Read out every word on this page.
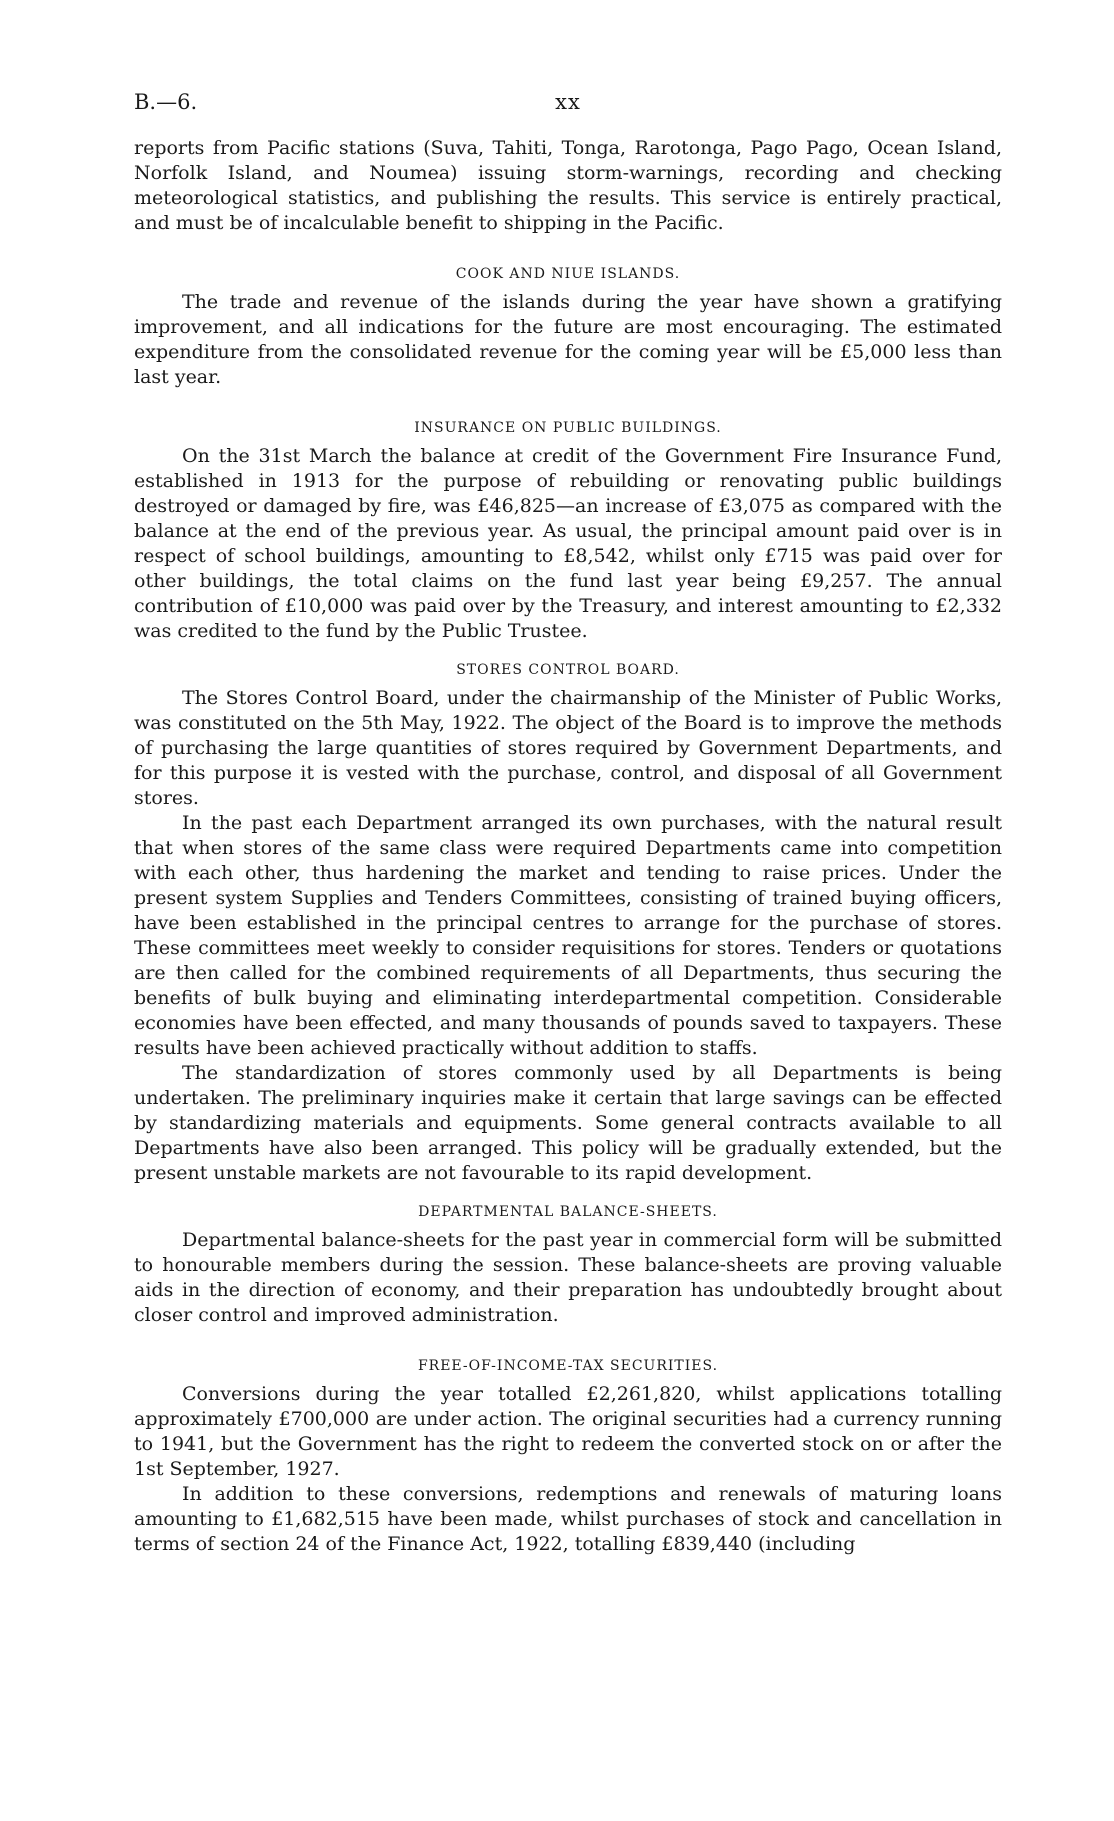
B.—6.	xx

reports from Pacific stations (Suva, Tahiti, Tonga, Rarotonga, Pago Pago, Ocean Island, Norfolk Island, and Noumea) issuing storm-warnings, recording and checking meteorological statistics, and publishing the results. This service is entirely practical, and must be of incalculable benefit to shipping in the Pacific.

COOK AND NIUE ISLANDS.

The trade and revenue of the islands during the year have shown a gratifying improvement, and all indications for the future are most encouraging. The estimated expenditure from the consolidated revenue for the coming year will be £5,000 less than last year.

INSURANCE ON PUBLIC BUILDINGS.

On the 31st March the balance at credit of the Government Fire Insurance Fund, established in 1913 for the purpose of rebuilding or renovating public buildings destroyed or damaged by fire, was £46,825—an increase of £3,075 as compared with the balance at the end of the previous year. As usual, the principal amount paid over is in respect of school buildings, amounting to £8,542, whilst only £715 was paid over for other buildings, the total claims on the fund last year being £9,257. The annual contribution of £10,000 was paid over by the Treasury, and interest amounting to £2,332 was credited to the fund by the Public Trustee.

STORES CONTROL BOARD.

The Stores Control Board, under the chairmanship of the Minister of Public Works, was constituted on the 5th May, 1922. The object of the Board is to improve the methods of purchasing the large quantities of stores required by Government Departments, and for this purpose it is vested with the purchase, control, and disposal of all Government stores.

In the past each Department arranged its own purchases, with the natural result that when stores of the same class were required Departments came into competition with each other, thus hardening the market and tending to raise prices. Under the present system Supplies and Tenders Committees, consisting of trained buying officers, have been established in the principal centres to arrange for the purchase of stores. These committees meet weekly to consider requisitions for stores. Tenders or quotations are then called for the combined requirements of all Departments, thus securing the benefits of bulk buying and eliminating interdepartmental competition. Considerable economies have been effected, and many thousands of pounds saved to taxpayers. These results have been achieved practically without addition to staffs.

The standardization of stores commonly used by all Departments is being undertaken. The preliminary inquiries make it certain that large savings can be effected by standardizing materials and equipments. Some general contracts available to all Departments have also been arranged. This policy will be gradually extended, but the present unstable markets are not favourable to its rapid development.

DEPARTMENTAL BALANCE-SHEETS.

Departmental balance-sheets for the past year in commercial form will be submitted to honourable members during the session. These balance-sheets are proving valuable aids in the direction of economy, and their preparation has undoubtedly brought about closer control and improved administration.

FREE-OF-INCOME-TAX SECURITIES.

Conversions during the year totalled £2,261,820, whilst applications totalling approximately £700,000 are under action. The original securities had a currency running to 1941, but the Government has the right to redeem the converted stock on or after the 1st September, 1927.

In addition to these conversions, redemptions and renewals of maturing loans amounting to £1,682,515 have been made, whilst purchases of stock and cancellation in terms of section 24 of the Finance Act, 1922, totalling £839,440 (including
